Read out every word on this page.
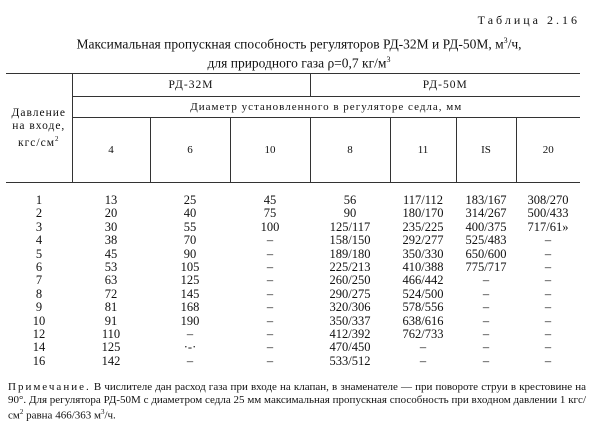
Таблица 2.16
Максимальная пропускная способность регуляторов РД-32М и РД-50М, $м^3/ч$,
для природного газа ρ=0,7 $кг/м^3$
Давление на входе, кгс/$см^2$	РД-32М			РД-50М			
	Диаметр установленного в регуляторе седла, мм						
	4	6	10	8	11	IS	20
1	13	25	45	56	117/112	183/167	308/270
2	20	40	75	90	180/170	314/267	500/433
3	30	55	100	125/117	235/225	400/375	717/61»
4	38	70	–	158/150	292/277	525/483	–
5	45	90	–	189/180	350/330	650/600	–
6	53	105	–	225/213	410/388	775/717	–
7	63	125	–	260/250	466/442	–	–
8	72	145	–	290/275	524/500	–	–
9	81	168	–	320/306	578/556	–	–
10	91	190	–	350/337	638/616	–	–
12	110	–	–	412/392	762/733	–	–
14	125	·-·	–	470/450	–	–	–
16	142	–	–	533/512	–	–	–
Примечание. В числителе дан расход газа при входе на клапан, в знаменателе — при повороте струи в крестовине на 90°. Для регулятора РД-50М с диаметром седла 25 мм максимальная пропускная способность при входном давлении 1 кгс/$см^2$ равна 466/363 $м^3/ч$.
